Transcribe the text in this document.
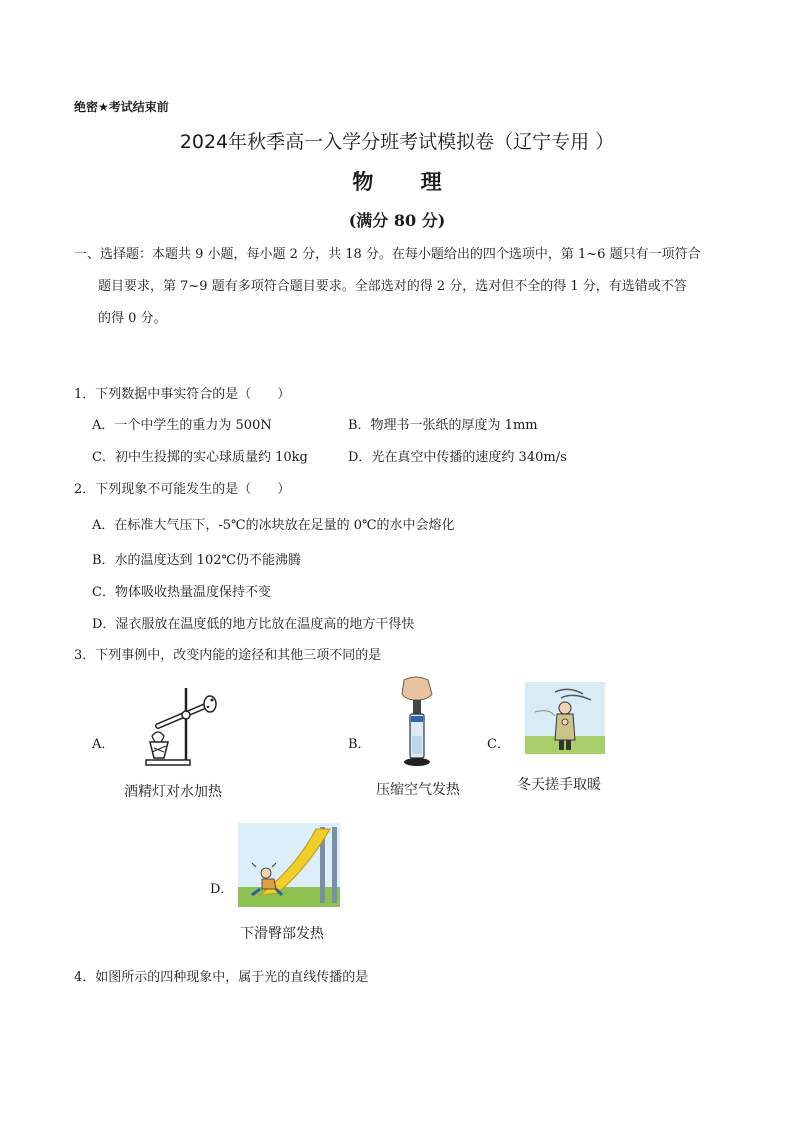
绝密★考试结束前
2024年秋季高一入学分班考试模拟卷（辽宁专用 ）
物 理
(满分 80 分)
一、选择题：本题共 9 小题，每小题 2 分，共 18 分。在每小题给出的四个选项中，第 1~6 题只有一项符合
题目要求，第 7~9 题有多项符合题目要求。全部选对的得 2 分，选对但不全的得 1 分，有选错或不答
的得 0 分。
1．下列数据中事实符合的是（　　）
A．一个中学生的重力为 500N	B．物理书一张纸的厚度为 1mm
C．初中生投掷的实心球质量约 10kg	D．光在真空中传播的速度约 340m/s
2．下列现象不可能发生的是（　　）
A．在标准大气压下，-5℃的冰块放在足量的 0℃的水中会熔化
B．水的温度达到 102℃仍不能沸腾
C．物体吸收热量温度保持不变
D．湿衣服放在温度低的地方比放在温度高的地方干得快
3．下列事例中，改变内能的途径和其他三项不同的是
A．
酒精灯对水加热
B．
压缩空气发热
C．
冬天搓手取暖
D．
下滑臀部发热
4．如图所示的四种现象中，属于光的直线传播的是
